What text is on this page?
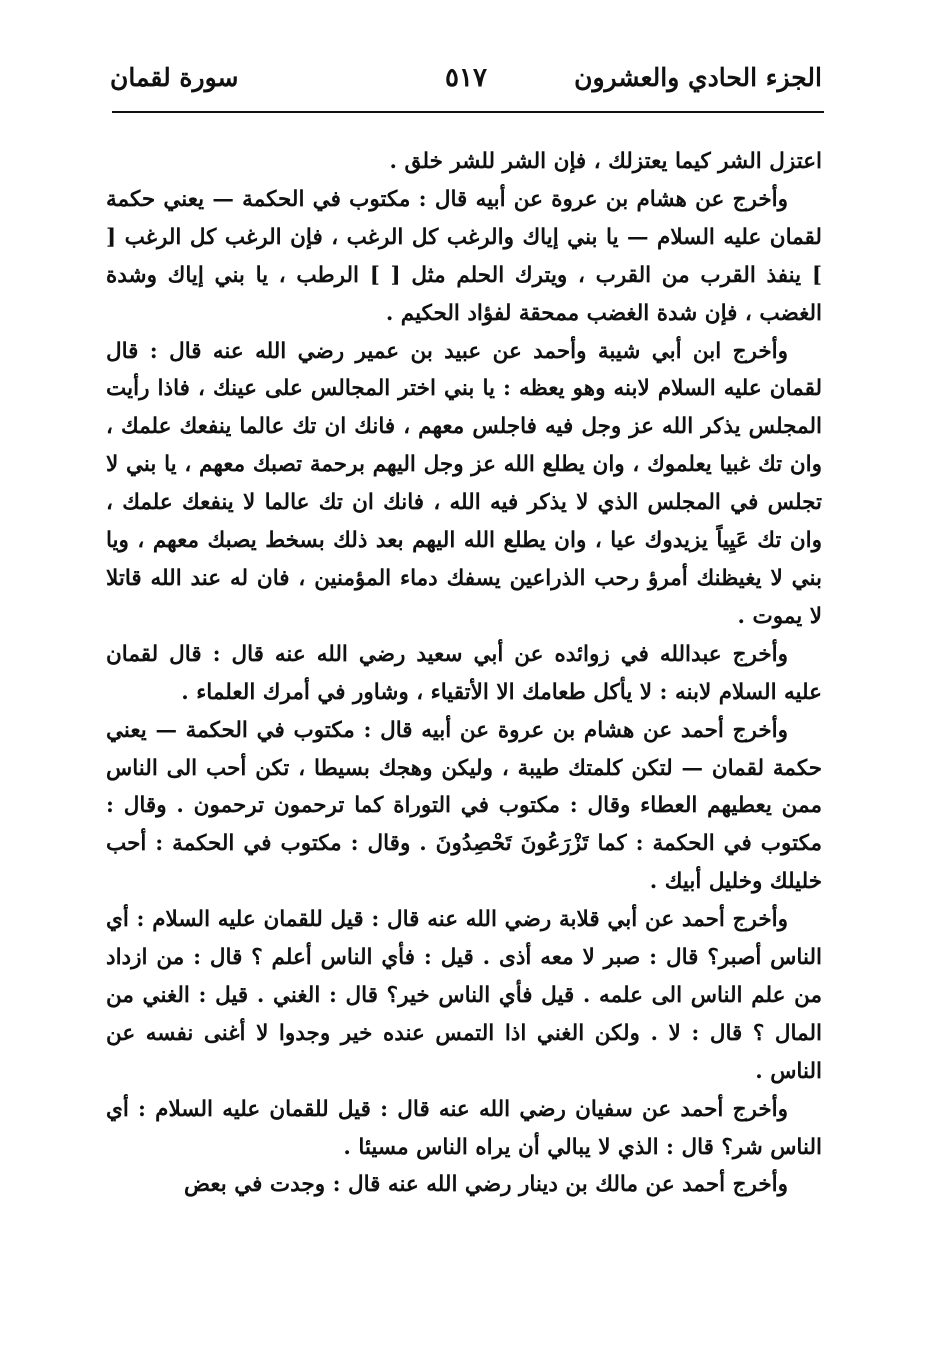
الجزء الحادي والعشرون
٥١٧
سورة لقمان

اعتزل الشر كيما يعتزلك ، فإن الشر للشر خلق .

وأخرج عن هشام بن عروة عن أبيه قال : مكتوب في الحكمة — يعني حكمة لقمان عليه السلام — يا بني إياك والرغب كل الرغب ، فإن الرغب كل الرغب [ ] ينفذ القرب من القرب ، ويترك الحلم مثل [ ] الرطب ، يا بني إياك وشدة الغضب ، فإن شدة الغضب ممحقة لفؤاد الحكيم .

وأخرج ابن أبي شيبة وأحمد عن عبيد بن عمير رضي الله عنه قال : قال لقمان عليه السلام لابنه وهو يعظه : يا بني اختر المجالس على عينك ، فاذا رأيت المجلس يذكر الله عز وجل فيه فاجلس معهم ، فانك ان تك عالما ينفعك علمك ، وان تك غبيا يعلموك ، وان يطلع الله عز وجل اليهم برحمة تصبك معهم ، يا بني لا تجلس في المجلس الذي لا يذكر فيه الله ، فانك ان تك عالما لا ينفعك علمك ، وان تك عَيِياً يزيدوك عيا ، وان يطلع الله اليهم بعد ذلك بسخط يصبك معهم ، ويا بني لا يغيظنك أمرؤ رحب الذراعين يسفك دماء المؤمنين ، فان له عند الله قاتلا لا يموت .

وأخرج عبدالله في زوائده عن أبي سعيد رضي الله عنه قال : قال لقمان عليه السلام لابنه : لا يأكل طعامك الا الأتقياء ، وشاور في أمرك العلماء .

وأخرج أحمد عن هشام بن عروة عن أبيه قال : مكتوب في الحكمة — يعني حكمة لقمان — لتكن كلمتك طيبة ، وليكن وهجك بسيطا ، تكن أحب الى الناس ممن يعطيهم العطاء وقال : مكتوب في التوراة كما ترحمون ترحمون . وقال : مكتوب في الحكمة : كما تَزْرَعُونَ تَحْصِدُونَ . وقال : مكتوب في الحكمة : أحب خليلك وخليل أبيك .

وأخرج أحمد عن أبي قلابة رضي الله عنه قال : قيل للقمان عليه السلام : أي الناس أصبر؟ قال : صبر لا معه أذى . قيل : فأي الناس أعلم ؟ قال : من ازداد من علم الناس الى علمه . قيل فأي الناس خير؟ قال : الغني . قيل : الغني من المال ؟ قال : لا . ولكن الغني اذا التمس عنده خير وجدوا لا أغنى نفسه عن الناس .

وأخرج أحمد عن سفيان رضي الله عنه قال : قيل للقمان عليه السلام : أي الناس شر؟ قال : الذي لا يبالي أن يراه الناس مسيئا .

وأخرج أحمد عن مالك بن دينار رضي الله عنه قال : وجدت في بعض
